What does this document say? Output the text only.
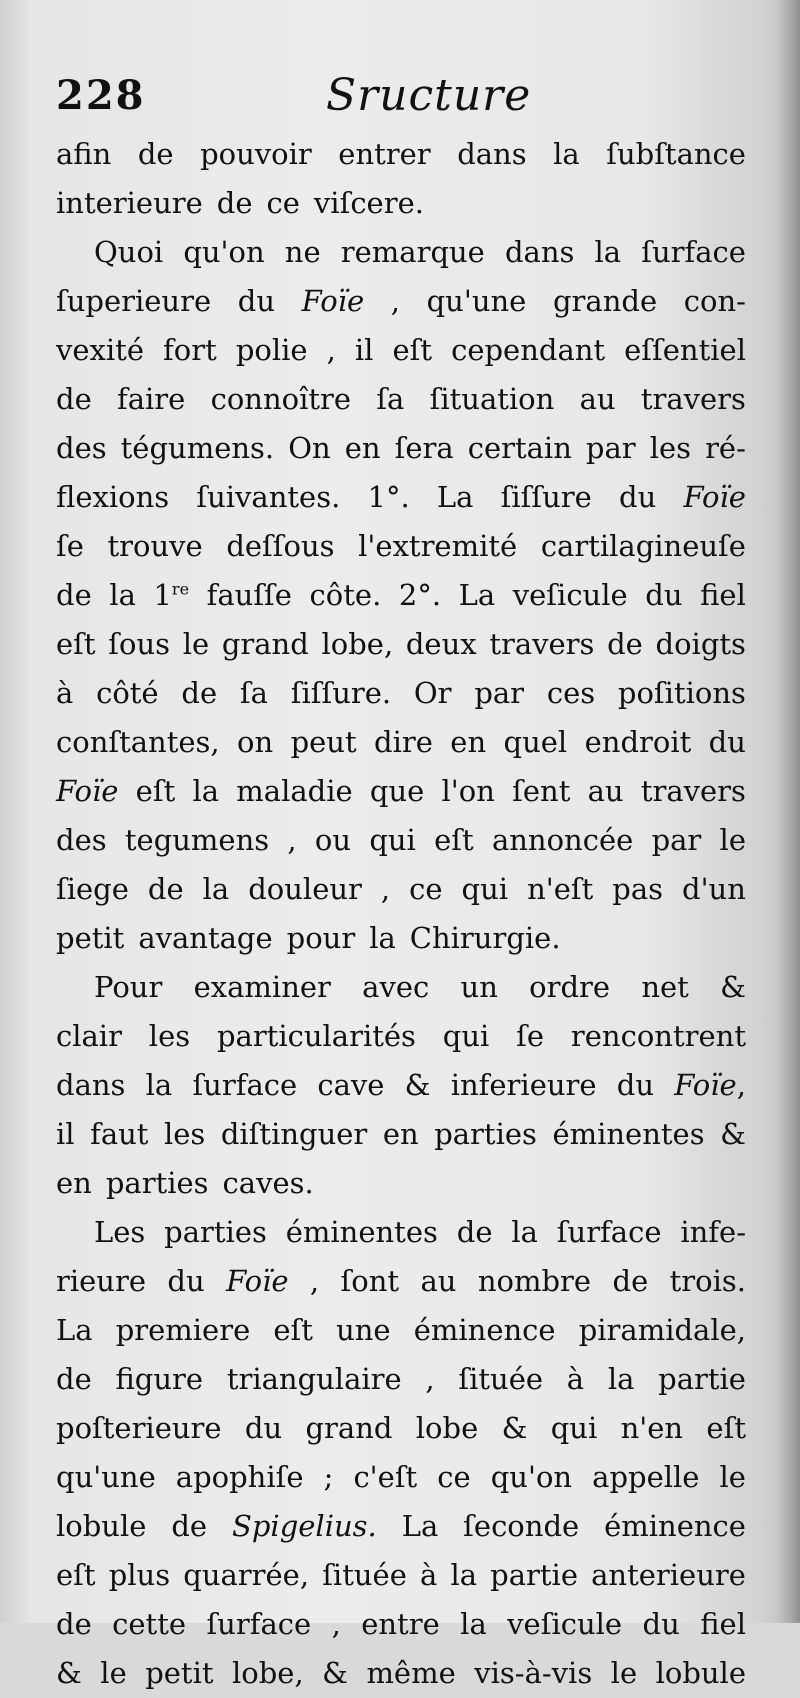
228	Sructure
afin de pouvoir entrer dans la ſubſtance
interieure de ce viſcere.
Quoi qu'on ne remarque dans la ſurface
ſuperieure du Foïe , qu'une grande con-
vexité fort polie , il eſt cependant eſſentiel
de faire connoître ſa ſituation au travers
des tégumens. On en ſera certain par les ré-
flexions ſuivantes. 1°. La ſiſſure du Foïe
ſe trouve deſſous l'extremité cartilagineuſe
de la 1re fauſſe côte. 2°. La veſicule du fiel
eſt ſous le grand lobe, deux travers de doigts
à côté de ſa ſiſſure. Or par ces poſitions
conſtantes, on peut dire en quel endroit du
Foïe eſt la maladie que l'on ſent au travers
des tegumens , ou qui eſt annoncée par le
ſiege de la douleur , ce qui n'eſt pas d'un
petit avantage pour la Chirurgie.
Pour examiner avec un ordre net &
clair les particularités qui ſe rencontrent
dans la ſurface cave & inferieure du Foïe,
il faut les diſtinguer en parties éminentes &
en parties caves.
Les parties éminentes de la ſurface infe-
rieure du Foïe , ſont au nombre de trois.
La premiere eſt une éminence piramidale,
de figure triangulaire , ſituée à la partie
poſterieure du grand lobe & qui n'en eſt
qu'une apophiſe ; c'eſt ce qu'on appelle le
lobule de Spigelius. La ſeconde éminence
eſt plus quarrée, ſituée à la partie anterieure
de cette ſurface , entre la veſicule du fiel
& le petit lobe, & même vis-à-vis le lobule
